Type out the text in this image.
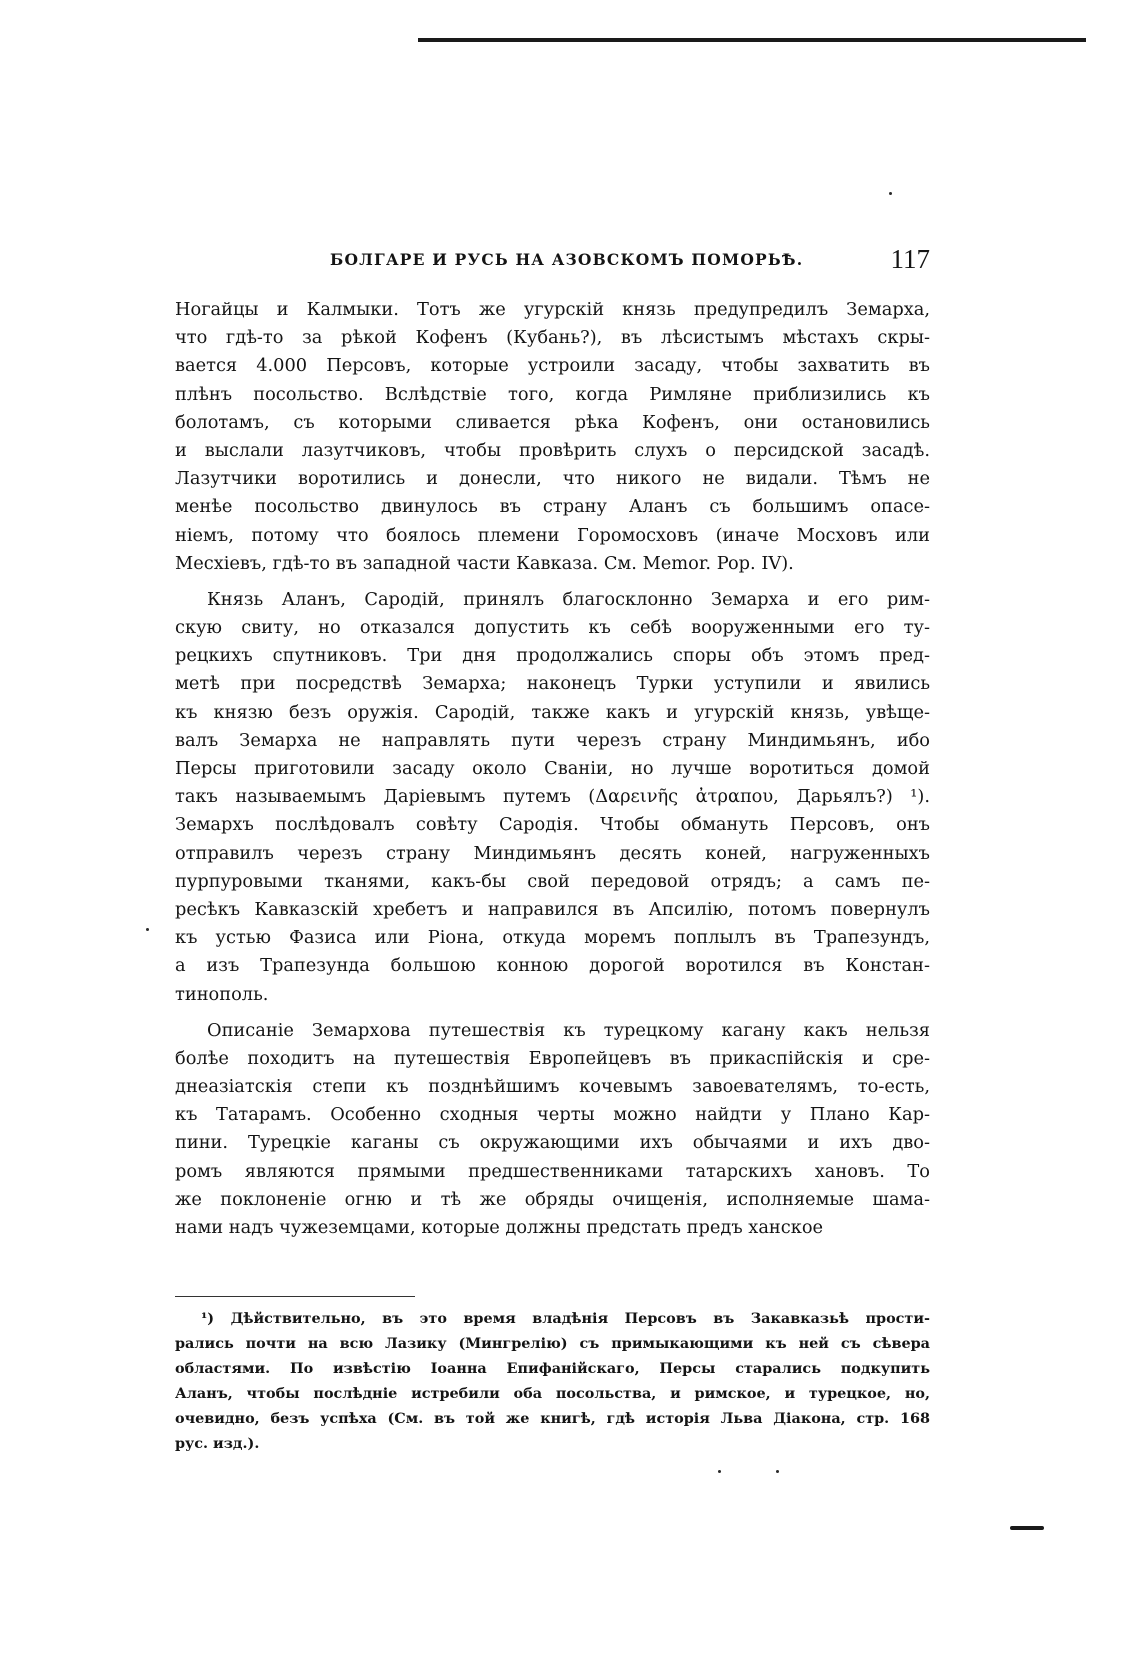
БОЛГАРЕ И РУСЬ НА АЗОВСКОМЪ ПОМОРЬѢ.	117
Ногайцы и Калмыки. Тотъ же угурскій князь предупредилъ Земарха,
что гдѣ-то за рѣкой Кофенъ (Кубань?), въ лѣсистымъ мѣстахъ скры-
вается 4.000 Персовъ, которые устроили засаду, чтобы захватить въ
плѣнъ посольство. Вслѣдствіе того, когда Римляне приблизились къ
болотамъ, съ которыми сливается рѣка Кофенъ, они остановились
и выслали лазутчиковъ, чтобы провѣрить слухъ о персидской засадѣ.
Лазутчики воротились и донесли, что никого не видали. Тѣмъ не
менѣе посольство двинулось въ страну Аланъ съ большимъ опасе-
ніемъ, потому что боялось племени Горомосховъ (иначе Мосховъ или
Месхіевъ, гдѣ-то въ западной части Кавказа. См. Memor. Pop. IV).
Князь Аланъ, Сародій, принялъ благосклонно Земарха и его рим-
скую свиту, но отказался допустить къ себѣ вооруженными его ту-
рецкихъ спутниковъ. Три дня продолжались споры объ этомъ пред-
метѣ при посредствѣ Земарха; наконецъ Турки уступили и явились
къ князю безъ оружія. Сародій, также какъ и угурскій князь, увѣще-
валъ Земарха не направлять пути черезъ страну Миндимьянъ, ибо
Персы приготовили засаду около Сваніи, но лучше воротиться домой
такъ называемымъ Даріевымъ путемъ (Δαρεινῆς ἀτραπου, Дарьялъ?) ¹).
Земархъ послѣдовалъ совѣту Сародія. Чтобы обмануть Персовъ, онъ
отправилъ черезъ страну Миндимьянъ десять коней, нагруженныхъ
пурпуровыми тканями, какъ-бы свой передовой отрядъ; а самъ пе-
ресѣкъ Кавказскій хребетъ и направился въ Апсилію, потомъ повернулъ
къ устью Фазиса или Ріона, откуда моремъ поплылъ въ Трапезундъ,
а изъ Трапезунда большою конною дорогой воротился въ Констан-
тинополь.
Описаніе Земархова путешествія къ турецкому кагану какъ нельзя
болѣе походитъ на путешествія Европейцевъ въ прикаспійскія и сре-
днеазіатскія степи къ позднѣйшимъ кочевымъ завоевателямъ, то-есть,
къ Татарамъ. Особенно сходныя черты можно найдти у Плано Кар-
пини. Турецкіе каганы съ окружающими ихъ обычаями и ихъ дво-
ромъ являются прямыми предшественниками татарскихъ хановъ. То
же поклоненіе огню и тѣ же обряды очищенія, исполняемые шама-
нами надъ чужеземцами, которые должны предстать предъ ханское
¹) Дѣйствительно, въ это время владѣнія Персовъ въ Закавказьѣ прости-
рались почти на всю Лазику (Мингрелію) съ примыкающими къ ней съ сѣвера
областями. По извѣстію Іоанна Епифанійскаго, Персы старались подкупить
Аланъ, чтобы послѣдніе истребили оба посольства, и римское, и турецкое, но,
очевидно, безъ успѣха (См. въ той же книгѣ, гдѣ исторія Льва Діакона, стр. 168
рус. изд.).
